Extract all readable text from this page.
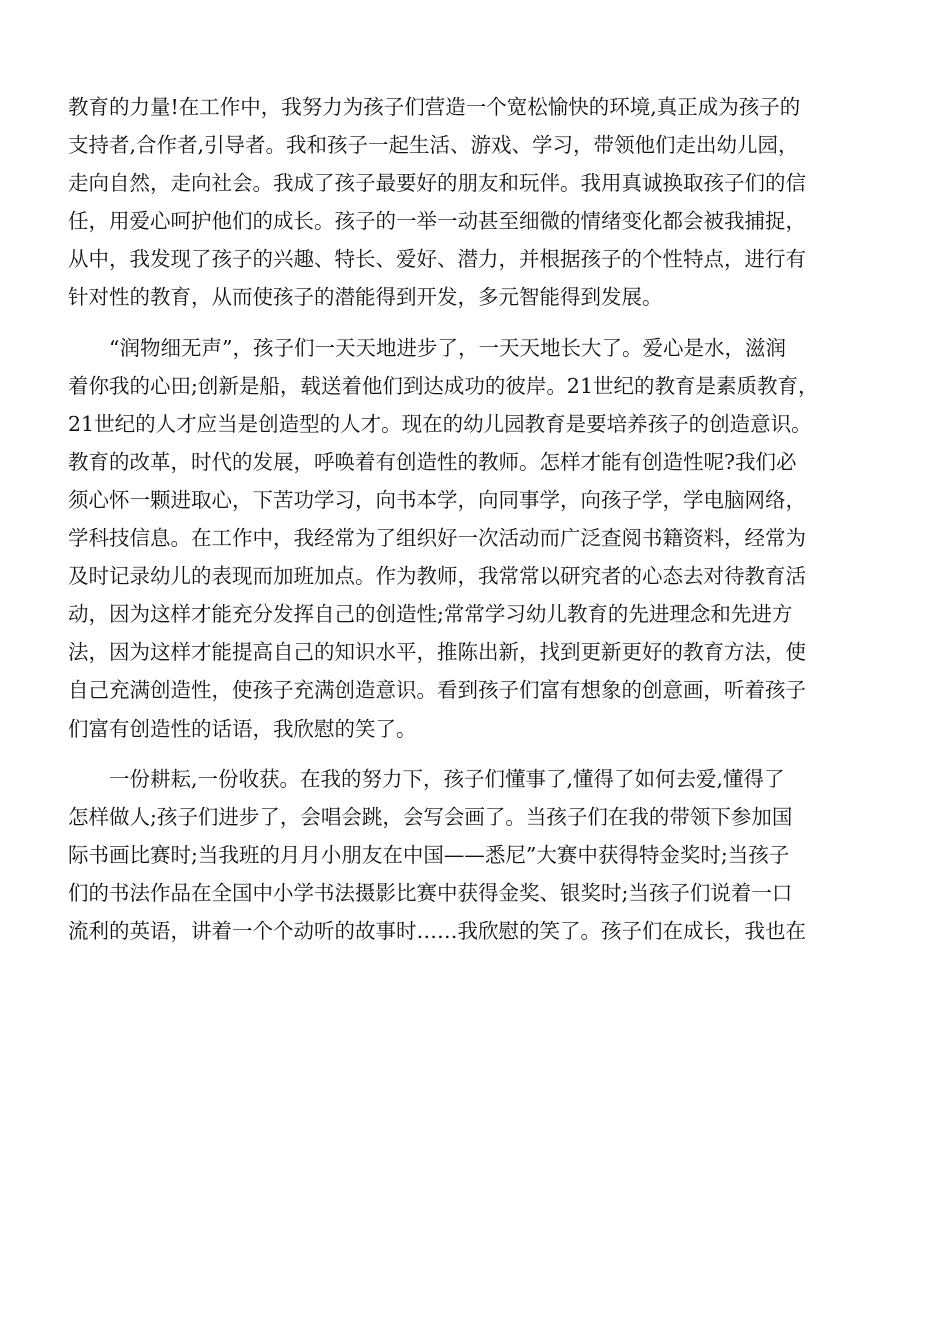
教育的力量!在工作中，我努力为孩子们营造一个宽松愉快的环境,真正成为孩子的
支持者,合作者,引导者。我和孩子一起生活、游戏、学习，带领他们走出幼儿园，
走向自然，走向社会。我成了孩子最要好的朋友和玩伴。我用真诚换取孩子们的信
任，用爱心呵护他们的成长。孩子的一举一动甚至细微的情绪变化都会被我捕捉，
从中，我发现了孩子的兴趣、特长、爱好、潜力，并根据孩子的个性特点，进行有
针对性的教育，从而使孩子的潜能得到开发，多元智能得到发展。
　　“润物细无声”，孩子们一天天地进步了，一天天地长大了。爱心是水，滋润
着你我的心田;创新是船，载送着他们到达成功的彼岸。21世纪的教育是素质教育，
21世纪的人才应当是创造型的人才。现在的幼儿园教育是要培养孩子的创造意识。
教育的改革，时代的发展，呼唤着有创造性的教师。怎样才能有创造性呢?我们必
须心怀一颗进取心，下苦功学习，向书本学，向同事学，向孩子学，学电脑网络，
学科技信息。在工作中，我经常为了组织好一次活动而广泛查阅书籍资料，经常为
及时记录幼儿的表现而加班加点。作为教师，我常常以研究者的心态去对待教育活
动，因为这样才能充分发挥自己的创造性;常常学习幼儿教育的先进理念和先进方
法，因为这样才能提高自己的知识水平，推陈出新，找到更新更好的教育方法，使
自己充满创造性，使孩子充满创造意识。看到孩子们富有想象的创意画，听着孩子
们富有创造性的话语，我欣慰的笑了。
　　一份耕耘,一份收获。在我的努力下，孩子们懂事了,懂得了如何去爱,懂得了
怎样做人;孩子们进步了，会唱会跳，会写会画了。当孩子们在我的带领下参加国
际书画比赛时;当我班的月月小朋友在中国——悉尼”大赛中获得特金奖时;当孩子
们的书法作品在全国中小学书法摄影比赛中获得金奖、银奖时;当孩子们说着一口
流利的英语，讲着一个个动听的故事时……我欣慰的笑了。孩子们在成长，我也在
